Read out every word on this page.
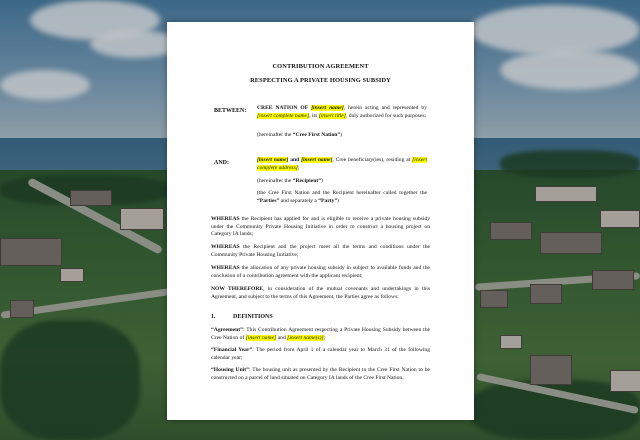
CONTRIBUTION AGREEMENT
RESPECTING A PRIVATE HOUSING SUBSIDY
BETWEEN: CREE NATION OF [insert name], herein acting and represented by [insert complete name], its [insert title], duly authorized for such purposes;
(hereinafter the “Cree First Nation”)
AND:	[insert name] and [insert name], Cree beneficiary(ies), residing at [insert complete address];
(hereinafter the “Recipient”)
(the Cree First Nation and the Recipient hereinafter called together the “Parties” and separately a “Party”)
WHEREAS the Recipient has applied for and is eligible to receive a private housing subsidy under the Community Private Housing Initiative in order to construct a housing project on Category IA lands;
WHEREAS the Recipient and the project meet all the terms and conditions under the Community Private Housing Initiative;
WHEREAS the allocation of any private housing subsidy in subject to available funds and the conclusion of a contribution agreement with the applicant recipient;
NOW THEREFORE, in consideration of the mutual covenants and undertakings in this Agreement, and subject to the terms of this Agreement, the Parties agree as follows:
1.	DEFINITIONS
“Agreement”: This Contribution Agreement respecting a Private Housing Subsidy between the Cree Nation of [insert name] and [insert name(s)];
“Financial Year”: The period from April 1 of a calendar year to March 31 of the following calendar year;
“Housing Unit”: The housing unit as presented by the Recipient to the Cree First Nation to be constructed on a parcel of land situated on Category IA lands of the Cree First Nation,
